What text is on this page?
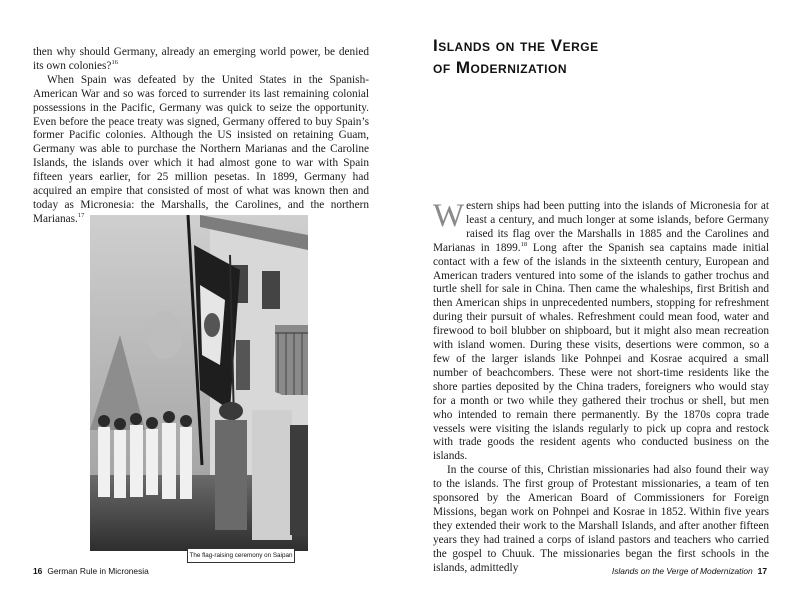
then why should Germany, already an emerging world power, be denied its own colonies?$^{16}$

When Spain was defeated by the United States in the Spanish-American War and so was forced to surrender its last remaining colonial possessions in the Pacific, Germany was quick to seize the opportunity. Even before the peace treaty was signed, Germany offered to buy Spain’s former Pacific colonies. Although the US insisted on retaining Guam, Germany was able to purchase the Northern Marianas and the Caroline Islands, the islands over which it had almost gone to war with Spain fifteen years earlier, for 25 million pesetas. In 1899, Germany had acquired an empire that consisted of most of what was known then and today as Micronesia: the Marshalls, the Carolines, and the northern Marianas.$^{17}$

The flag-raising ceremony on Saipan
16 German Rule in Micronesia
Islands on the Verge
of Modernization

Western ships had been putting into the islands of Micronesia for at least a century, and much longer at some islands, before Germany raised its flag over the Marshalls in 1885 and the Carolines and Marianas in 1899.18 Long after the Spanish sea captains made initial contact with a few of the islands in the sixteenth century, European and American traders ventured into some of the islands to gather trochus and turtle shell for sale in China. Then came the whaleships, first British and then American ships in unprecedented numbers, stopping for refreshment during their pursuit of whales. Refreshment could mean food, water and firewood to boil blubber on shipboard, but it might also mean recreation with island women. During these visits, desertions were common, so a few of the larger islands like Pohnpei and Kosrae acquired a small number of beachcombers. These were not short-time residents like the shore parties deposited by the China traders, foreigners who would stay for a month or two while they gathered their trochus or shell, but men who intended to remain there permanently. By the 1870s copra trade vessels were visiting the islands regularly to pick up copra and restock with trade goods the resident agents who conducted business on the islands.

In the course of this, Christian missionaries had also found their way to the islands. The first group of Protestant missionaries, a team of ten sponsored by the American Board of Commissioners for Foreign Missions, began work on Pohnpei and Kosrae in 1852. Within five years they extended their work to the Marshall Islands, and after another fifteen years they had trained a corps of island pastors and teachers who carried the gospel to Chuuk. The missionaries began the first schools in the islands, admittedly	Islands on the Verge of Modernization 17
